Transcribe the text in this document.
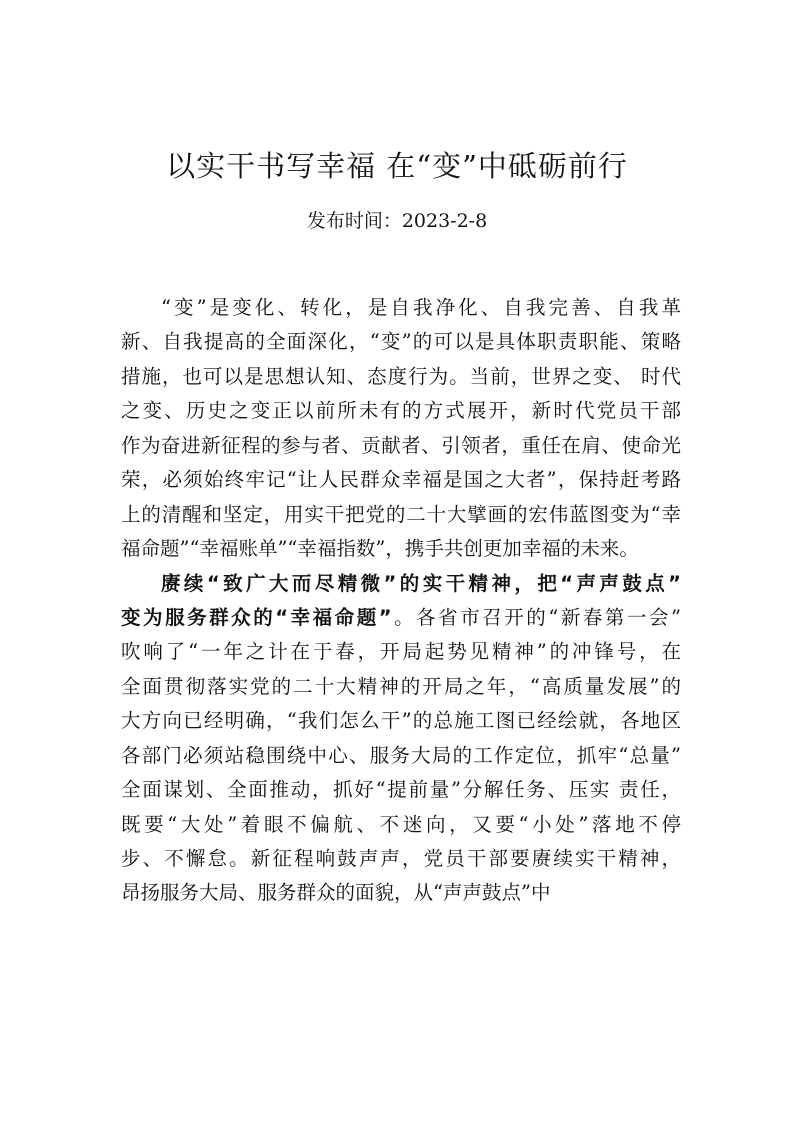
以实干书写幸福 在“变”中砥砺前行
发布时间：2023-2-8
“变”是变化、转化，是自我净化、自我完善、自我革
新、自我提高的全面深化，“变”的可以是具体职责职能、策略
措施，也可以是思想认知、态度行为。当前，世界之变、 时代
之变、历史之变正以前所未有的方式展开，新时代党员干部
作为奋进新征程的参与者、贡献者、引领者，重任在肩、使命光
荣，必须始终牢记“让人民群众幸福是国之大者”，保持赶考路
上的清醒和坚定，用实干把党的二十大擘画的宏伟蓝图变为“幸
福命题”“幸福账单”“幸福指数”，携手共创更加幸福的未来。
赓续“致广大而尽精微”的实干精神，把“声声鼓点”
变为服务群众的“幸福命题”。各省市召开的“新春第一会”
吹响了“一年之计在于春，开局起势见精神”的冲锋号，在
全面贯彻落实党的二十大精神的开局之年，“高质量发展”的
大方向已经明确，“我们怎么干”的总施工图已经绘就，各地区
各部门必须站稳围绕中心、服务大局的工作定位，抓牢“总量”
全面谋划、全面推动，抓好“提前量”分解任务、压实 责任，
既要“大处”着眼不偏航、不迷向，又要“小处”落地不停
步、不懈怠。新征程响鼓声声，党员干部要赓续实干精神，
昂扬服务大局、服务群众的面貌，从“声声鼓点”中
